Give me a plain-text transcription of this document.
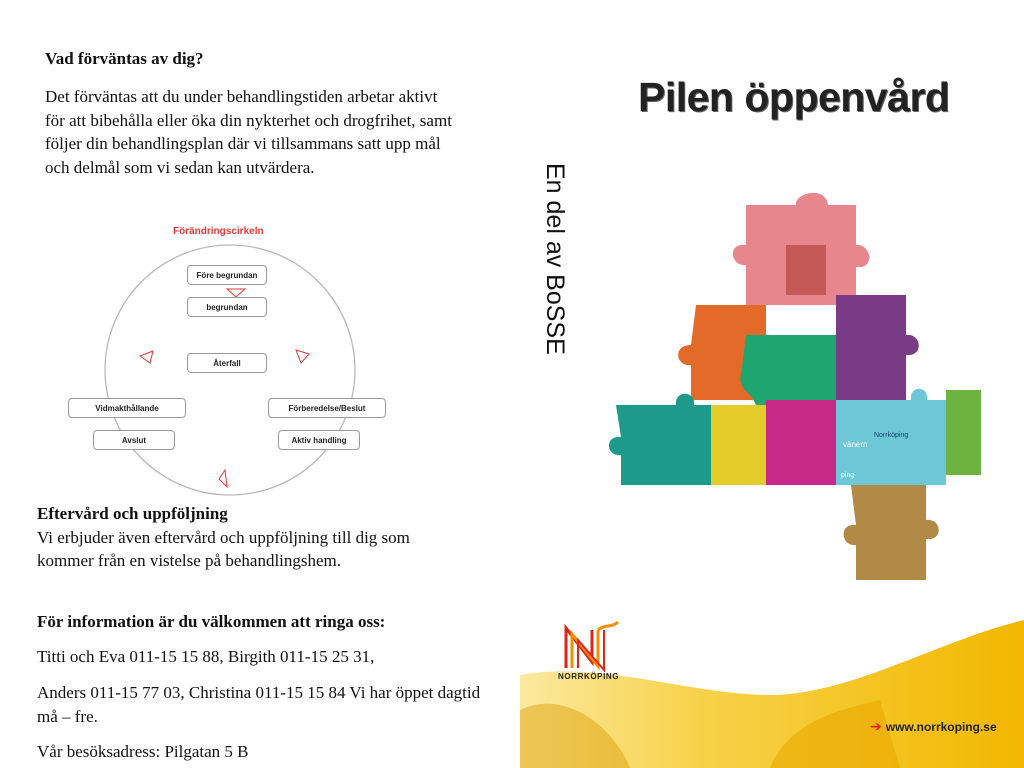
Vad förväntas av dig?
Det förväntas att du under behandlingstiden arbetar aktivt för att bibehålla eller öka din nykterhet och drogfrihet, samt följer din behandlingsplan där vi tillsammans satt upp mål och delmål som vi sedan kan utvärdera.
Förändringscirkeln
Före begrundan
begrundan
Återfall
Vidmakthållande	Förberedelse/Beslut
Avslut	Aktiv handling
Eftervård och uppföljning
Vi erbjuder även eftervård och uppföljning till dig som kommer från en vistelse på behandlingshem.
För information är du välkommen att ringa oss:
Titti och Eva 011-15 15 88, Birgith 011-15 25 31,
Anders 011-15 77 03, Christina 011-15 15 84 Vi har öppet dagtid må – fre.
Vår besöksadress: Pilgatan 5 B
Pilen öppenvård
En del av BoSSE
vänern
Norrköping
ping
NORRKÖPING
➔ www.norrkoping.se
